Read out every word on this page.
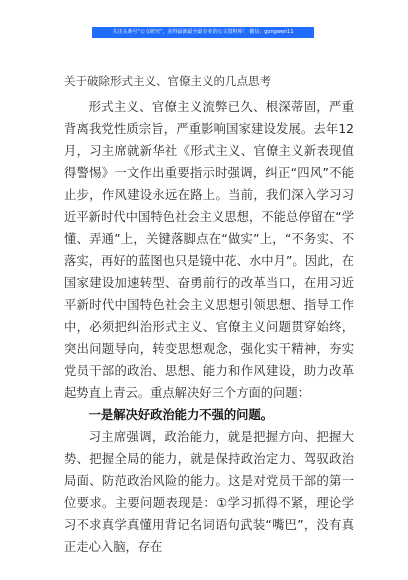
关注头条号“公文研究”，获得最新最全最专业的公文资料库！ 微信：gongwen11
关于破除形式主义、官僚主义的几点思考

形式主义、官僚主义流弊已久、根深蒂固，严重背离我党性质宗旨，严重影响国家建设发展。去年12月，习主席就新华社《形式主义、官僚主义新表现值得警惕》一文作出重要指示时强调，纠正“四风”不能止步，作风建设永远在路上。当前，我们深入学习习近平新时代中国特色社会主义思想，不能总停留在“学懂、弄通”上，关键落脚点在“做实”上，“不务实、不落实，再好的蓝图也只是镜中花、水中月”。因此，在国家建设加速转型、奋勇前行的改革当口，在用习近平新时代中国特色社会主义思想引领思想、指导工作中，必须把纠治形式主义、官僚主义问题贯穿始终，突出问题导向，转变思想观念，强化实干精神，夯实党员干部的政治、思想、能力和作风建设，助力改革起势直上青云。重点解决好三个方面的问题：

一是解决好政治能力不强的问题。

习主席强调，政治能力，就是把握方向、把握大势、把握全局的能力，就是保持政治定力、驾驭政治局面、防范政治风险的能力。这是对党员干部的第一位要求。主要问题表现是：①学习抓得不紧，理论学习不求真学真懂用背记名词语句武装“嘴巴”，没有真正走心入脑，存在
